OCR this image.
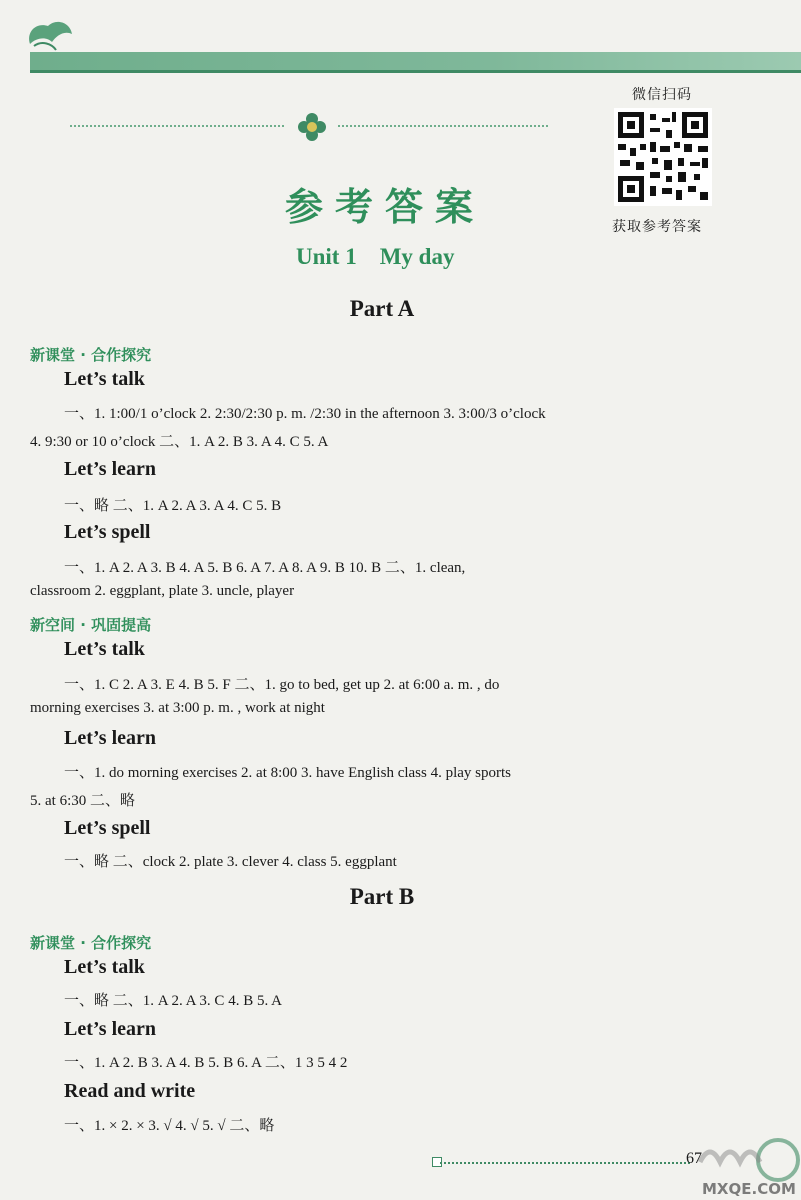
微信扫码
获取参考答案
参考答案
Unit 1    My day
Part A
新课堂 · 合作探究
Let’s talk
一、1. 1:00/1 o’clock 2. 2:30/2:30 p. m. /2:30 in the afternoon 3. 3:00/3 o’clock
4. 9:30 or 10 o’clock 二、1. A 2. B 3. A 4. C 5. A
Let’s learn
一、略 二、1. A 2. A 3. A 4. C 5. B
Let’s spell
一、1. A 2. A 3. B 4. A 5. B 6. A 7. A 8. A 9. B 10. B 二、1. clean,
classroom 2. eggplant, plate 3. uncle, player
新空间 · 巩固提高
Let’s talk
一、1. C 2. A 3. E 4. B 5. F 二、1. go to bed, get up 2. at 6:00 a. m. , do
morning exercises 3. at 3:00 p. m. , work at night
Let’s learn
一、1. do morning exercises 2. at 8:00 3. have English class 4. play sports
5. at 6:30 二、略
Let’s spell
一、略 二、clock 2. plate 3. clever 4. class 5. eggplant
Part B
新课堂 · 合作探究
Let’s talk
一、略 二、1. A 2. A 3. C 4. B 5. A
Let’s learn
一、1. A 2. B 3. A 4. B 5. B 6. A 二、1 3 5 4 2
Read and write
一、1. × 2. × 3. √ 4. √ 5. √ 二、略
67
MXQE.COM
